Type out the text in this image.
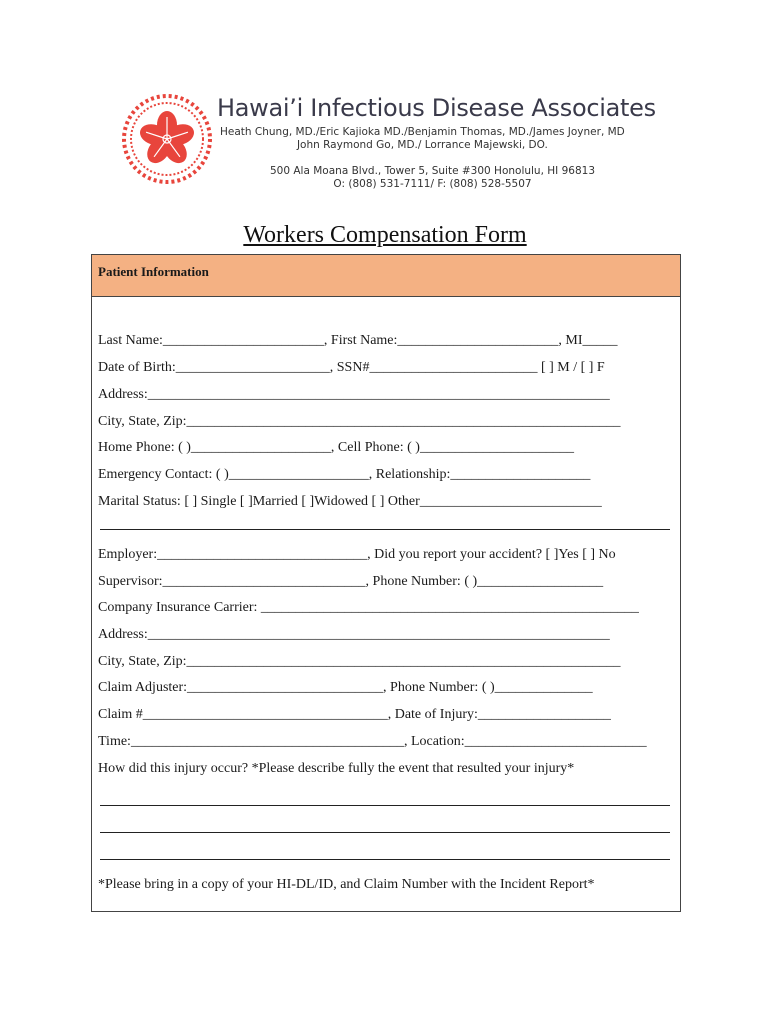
Hawai’i Infectious Disease Associates
Heath Chung, MD./Eric Kajioka MD./Benjamin Thomas, MD./James Joyner, MD
John Raymond Go, MD./ Lorrance Majewski, DO.
500 Ala Moana Blvd., Tower 5, Suite #300 Honolulu, HI 96813
O: (808) 531-7111/ F: (808) 528-5507
Workers Compensation Form
Patient Information
Last Name:_______________________, First Name:_______________________, MI_____
Date of Birth:______________________, SSN#________________________ [ ] M / [ ] F
Address:__________________________________________________________________
City, State, Zip:______________________________________________________________
Home Phone: ( )____________________, Cell Phone: ( )______________________
Emergency Contact: ( )____________________, Relationship:____________________
Marital Status: [ ] Single [ ]Married [ ]Widowed [ ] Other__________________________
Employer:______________________________, Did you report your accident? [ ]Yes [ ] No
Supervisor:_____________________________, Phone Number: ( )__________________
Company Insurance Carrier: ______________________________________________________
Address:__________________________________________________________________
City, State, Zip:______________________________________________________________
Claim Adjuster:____________________________, Phone Number: ( )______________
Claim #___________________________________, Date of Injury:___________________
Time:_______________________________________, Location:__________________________
How did this injury occur? *Please describe fully the event that resulted your injury*
*Please bring in a copy of your HI-DL/ID, and Claim Number with the Incident Report*
